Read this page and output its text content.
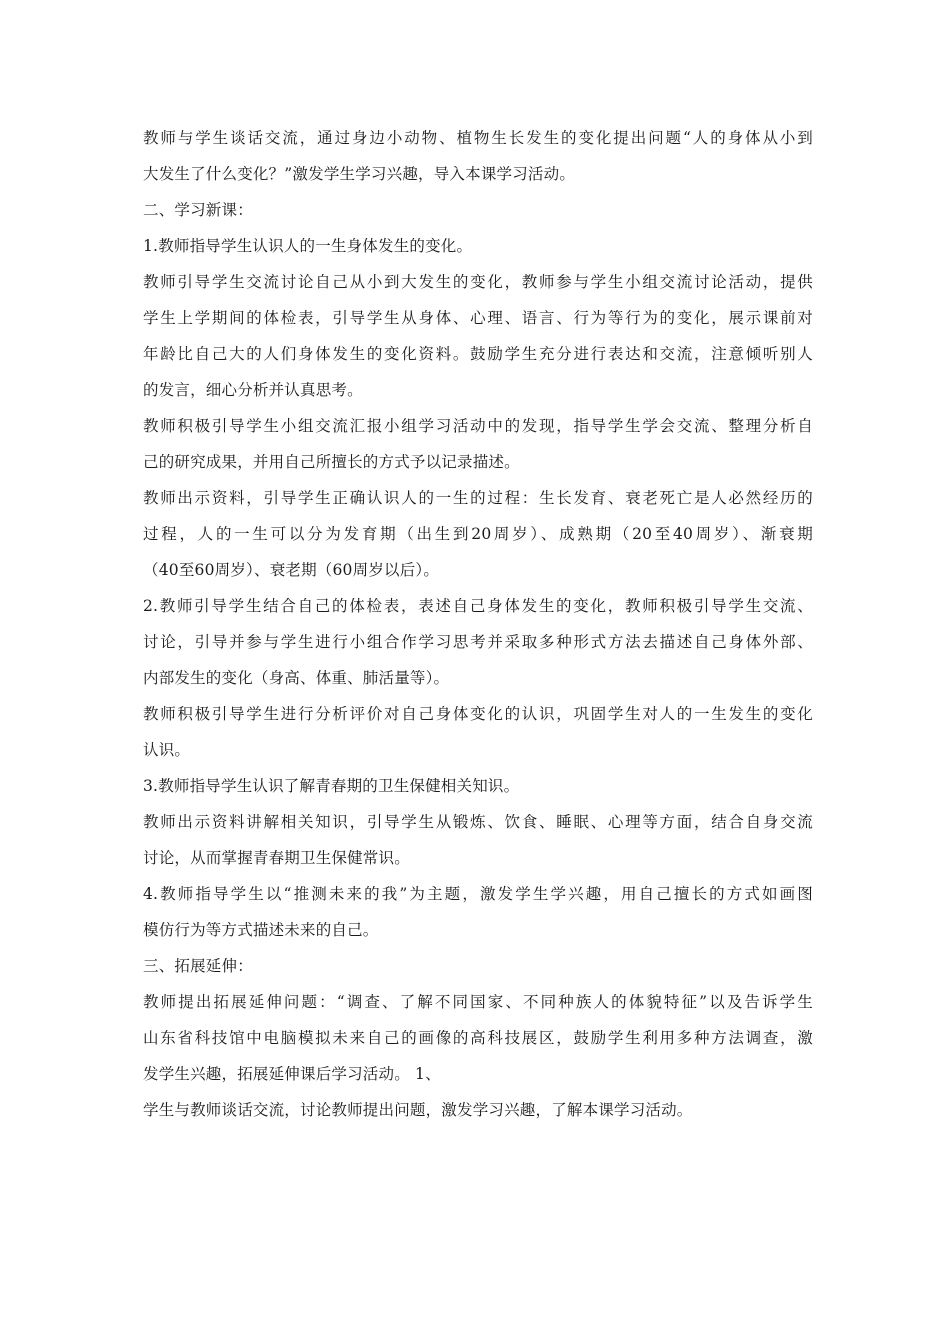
教师与学生谈话交流，通过身边小动物、植物生长发生的变化提出问题“人的身体从小到
大发生了什么变化？”激发学生学习兴趣，导入本课学习活动。
二、学习新课：
1.教师指导学生认识人的一生身体发生的变化。
教师引导学生交流讨论自己从小到大发生的变化，教师参与学生小组交流讨论活动，提供
学生上学期间的体检表，引导学生从身体、心理、语言、行为等行为的变化，展示课前对
年龄比自己大的人们身体发生的变化资料。鼓励学生充分进行表达和交流，注意倾听别人
的发言，细心分析并认真思考。
教师积极引导学生小组交流汇报小组学习活动中的发现，指导学生学会交流、整理分析自
己的研究成果，并用自己所擅长的方式予以记录描述。
教师出示资料，引导学生正确认识人的一生的过程：生长发育、衰老死亡是人必然经历的
过程，人的一生可以分为发育期（出生到20周岁）、成熟期（20至40周岁）、渐衰期
（40至60周岁）、衰老期（60周岁以后）。
2.教师引导学生结合自己的体检表，表述自己身体发生的变化，教师积极引导学生交流、
讨论，引导并参与学生进行小组合作学习思考并采取多种形式方法去描述自己身体外部、
内部发生的变化（身高、体重、肺活量等）。
教师积极引导学生进行分析评价对自己身体变化的认识，巩固学生对人的一生发生的变化
认识。
3.教师指导学生认识了解青春期的卫生保健相关知识。
教师出示资料讲解相关知识，引导学生从锻炼、饮食、睡眠、心理等方面，结合自身交流
讨论，从而掌握青春期卫生保健常识。
4.教师指导学生以“推测未来的我”为主题，激发学生学兴趣，用自己擅长的方式如画图
模仿行为等方式描述未来的自己。
三、拓展延伸：
教师提出拓展延伸问题：“调查、了解不同国家、不同种族人的体貌特征”以及告诉学生
山东省科技馆中电脑模拟未来自己的画像的高科技展区，鼓励学生利用多种方法调查，激
发学生兴趣，拓展延伸课后学习活动。 1、
学生与教师谈话交流，讨论教师提出问题，激发学习兴趣，了解本课学习活动。
